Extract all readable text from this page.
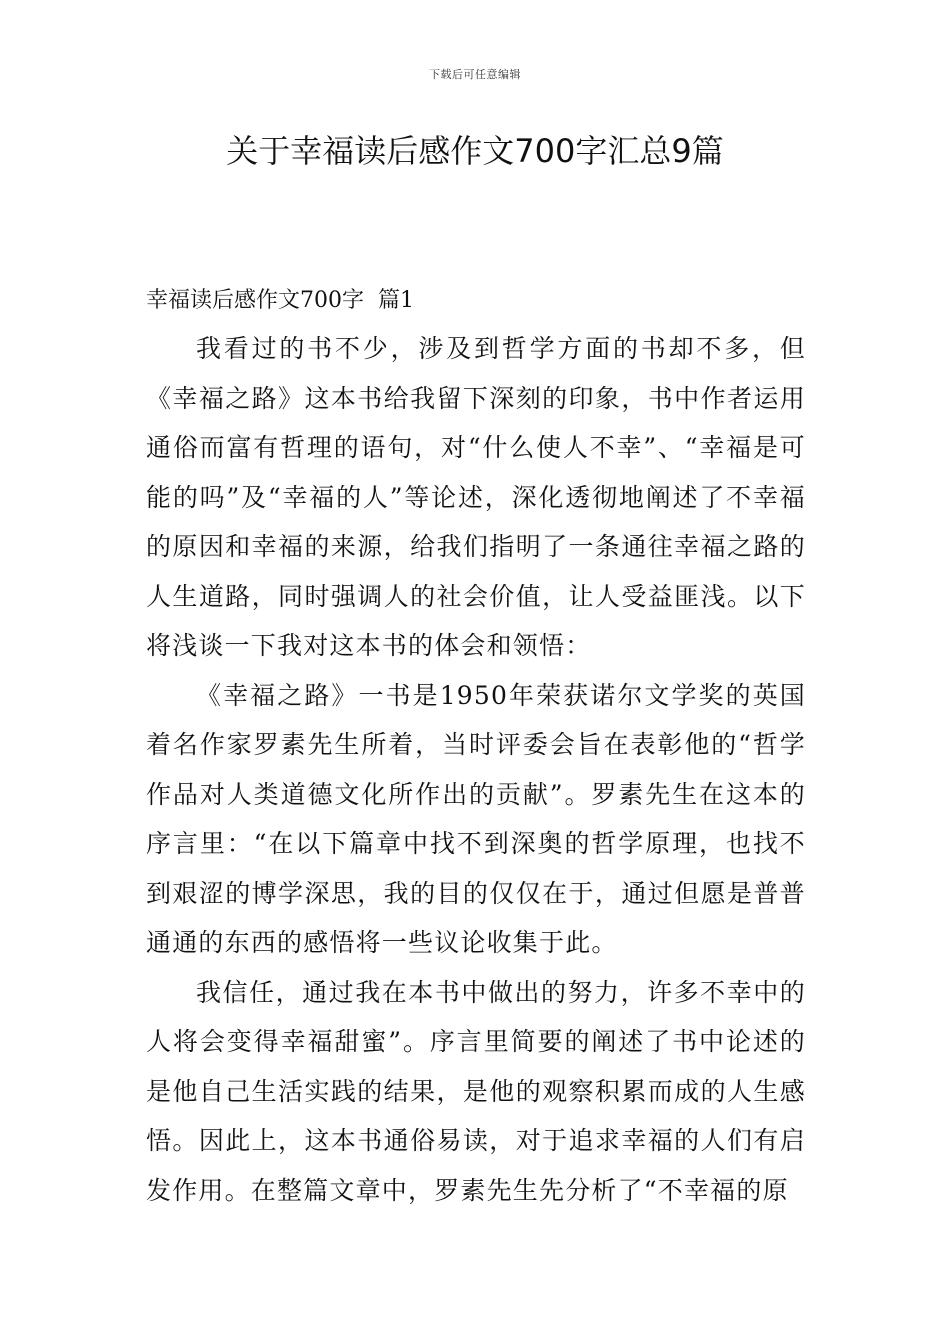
下载后可任意编辑
关于幸福读后感作文700字汇总9篇

幸福读后感作文700字  篇1

我看过的书不少，涉及到哲学方面的书却不多，但《幸福之路》这本书给我留下深刻的印象，书中作者运用通俗而富有哲理的语句，对“什么使人不幸”、“幸福是可能的吗”及“幸福的人”等论述，深化透彻地阐述了不幸福的原因和幸福的来源，给我们指明了一条通往幸福之路的人生道路，同时强调人的社会价值，让人受益匪浅。以下将浅谈一下我对这本书的体会和领悟：

《幸福之路》一书是1950年荣获诺尔文学奖的英国着名作家罗素先生所着，当时评委会旨在表彰他的“哲学作品对人类道德文化所作出的贡献”。罗素先生在这本的序言里：“在以下篇章中找不到深奥的哲学原理，也找不到艰涩的博学深思，我的目的仅仅在于，通过但愿是普普通通的东西的感悟将一些议论收集于此。

我信任，通过我在本书中做出的努力，许多不幸中的人将会变得幸福甜蜜”。序言里简要的阐述了书中论述的是他自己生活实践的结果，是他的观察积累而成的人生感悟。因此上，这本书通俗易读，对于追求幸福的人们有启发作用。在整篇文章中，罗素先生先分析了“不幸福的原
